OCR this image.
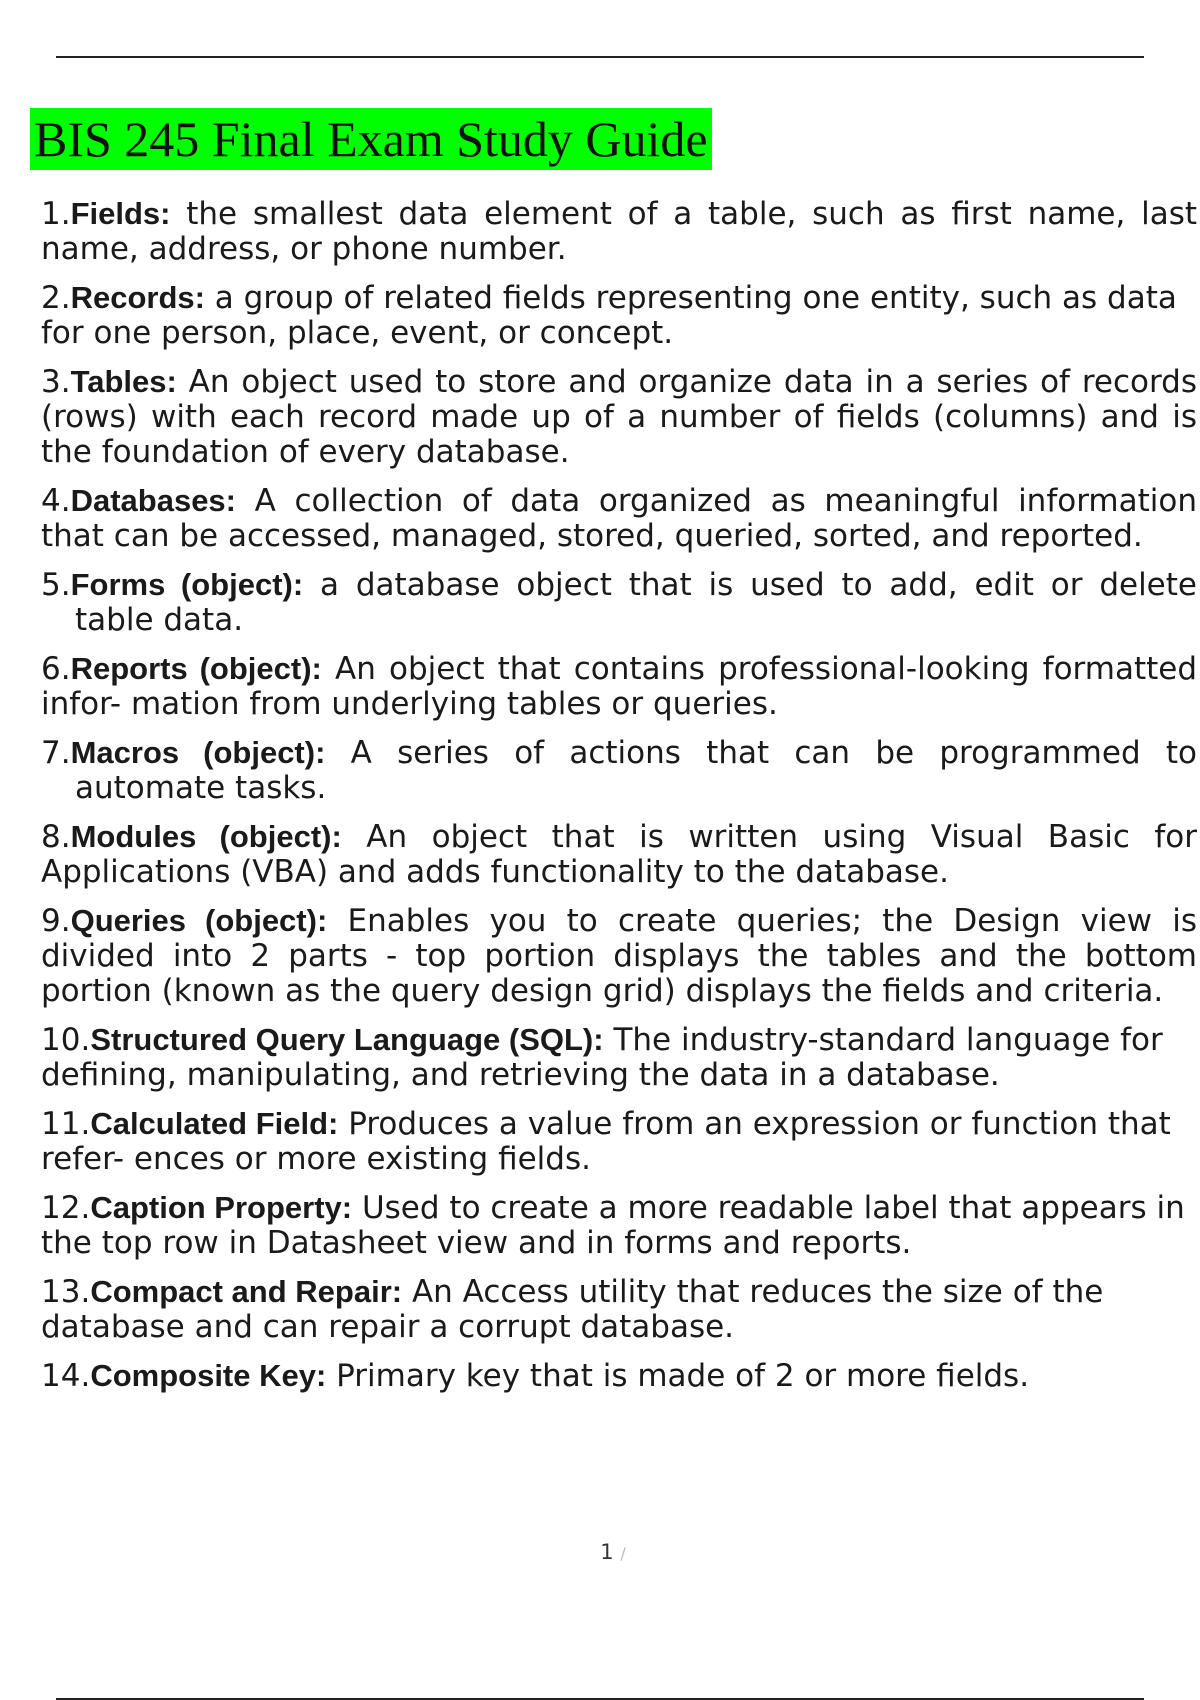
BIS 245 Final Exam Study Guide
1.Fields: the smallest data element of a table, such as first name, last name, address, or phone number.
2.Records: a group of related fields representing one entity, such as data for one person, place, event, or concept.
3.Tables: An object used to store and organize data in a series of records (rows) with each record made up of a number of fields (columns) and is the foundation of every database.
4.Databases: A collection of data organized as meaningful information that can be accessed, managed, stored, queried, sorted, and reported.
5.Forms (object): a database object that is used to add, edit or delete table data.
6.Reports (object): An object that contains professional-looking formatted infor- mation from underlying tables or queries.
7.Macros (object): A series of actions that can be programmed to automate tasks.
8.Modules (object): An object that is written using Visual Basic for Applications (VBA) and adds functionality to the database.
9.Queries (object): Enables you to create queries; the Design view is divided into 2 parts - top portion displays the tables and the bottom portion (known as the query design grid) displays the fields and criteria.
10.Structured Query Language (SQL): The industry-standard language for defining, manipulating, and retrieving the data in a database.
11.Calculated Field: Produces a value from an expression or function that refer- ences or more existing fields.
12.Caption Property: Used to create a more readable label that appears in the top row in Datasheet view and in forms and reports.
13.Compact and Repair: An Access utility that reduces the size of the database and can repair a corrupt database.
14.Composite Key: Primary key that is made of 2 or more fields.
1 /
